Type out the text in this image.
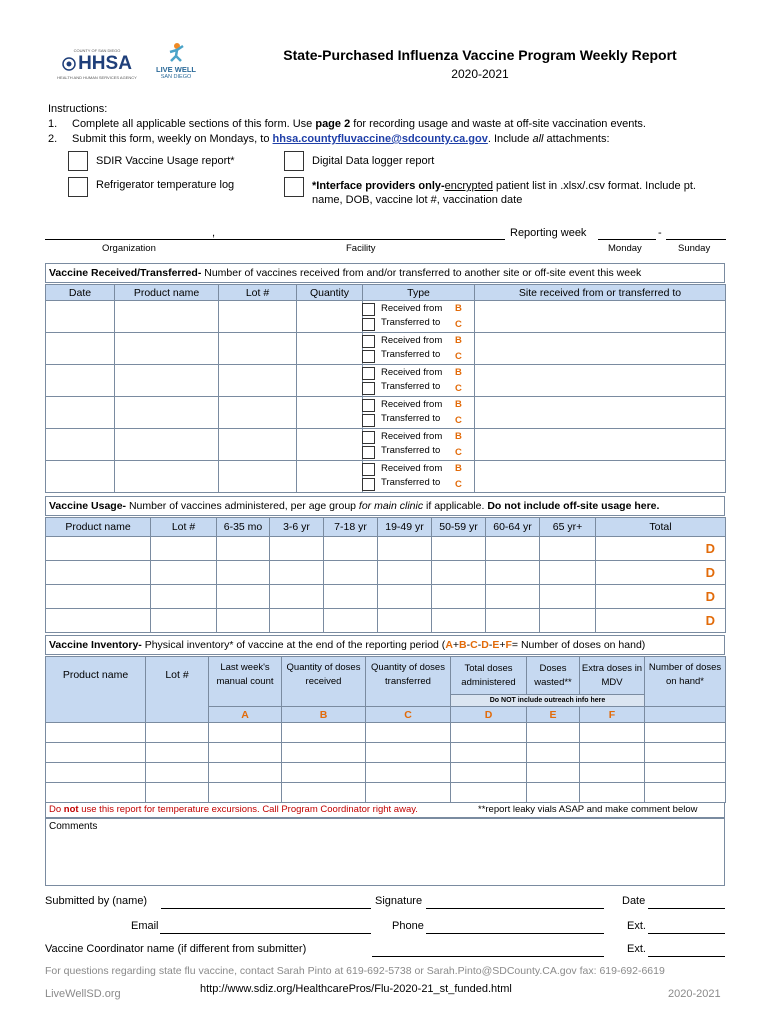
COUNTY OF SAN DIEGO
HHSA
HEALTH AND HUMAN SERVICES AGENCY
LIVE WELL
SAN DIEGO
State-Purchased Influenza Vaccine Program Weekly Report
2020-2021
Instructions:
1.	Complete all applicable sections of this form. Use page 2 for recording usage and waste at off-site vaccination events.
2.	Submit this form, weekly on Mondays, to hhsa.countyfluvaccine@sdcounty.ca.gov. Include all attachments:
SDIR Vaccine Usage report*	Digital Data logger report
Refrigerator temperature log	*Interface providers only-encrypted patient list in .xlsx/.csv format. Include pt.
name, DOB, vaccine lot #, vaccination date
,	Reporting week	-
Organization	Facility	Monday	Sunday
Vaccine Received/Transferred- Number of vaccines received from and/or transferred to another site or off-site event this week
Date	Product name	Lot #	Quantity	Type	Site received from or transferred to

				Received from B
Transferred to C	

				Received from B
Transferred to C	

				Received from B
Transferred to C	

				Received from B
Transferred to C	

				Received from B
Transferred to C	

				Received from B
Transferred to C	

Vaccine Usage- Number of vaccines administered, per age group for main clinic if applicable. Do not include off-site usage here.
Product name	Lot #	6-35 mo	3-6 yr	7-18 yr	19-49 yr	50-59 yr	60-64 yr	65 yr+	Total
									D
									D
									D
									D
Vaccine Inventory- Physical inventory* of vaccine at the end of the reporting period (A+B-C-D-E+F= Number of doses on hand)
Product name	Lot #	Last week's manual count	Quantity of doses received	Quantity of doses transferred	Total doses administered	Doses wasted**	Extra doses in MDV	Number of doses on hand*
					Do NOT include outreach info here			
		A	B	C	D	E	F	

Do not use this report for temperature excursions. Call Program Coordinator right away.	**report leaky vials ASAP and make comment below
Comments
Submitted by (name)	Signature	Date
Email	Phone	Ext.
Vaccine Coordinator name (if different from submitter)	Ext.
For questions regarding state flu vaccine, contact Sarah Pinto at 619-692-5738 or Sarah.Pinto@SDCounty.CA.gov fax: 619-692-6619
LiveWellSD.org	http://www.sdiz.org/HealthcarePros/Flu-2020-21_st_funded.html	2020-2021
